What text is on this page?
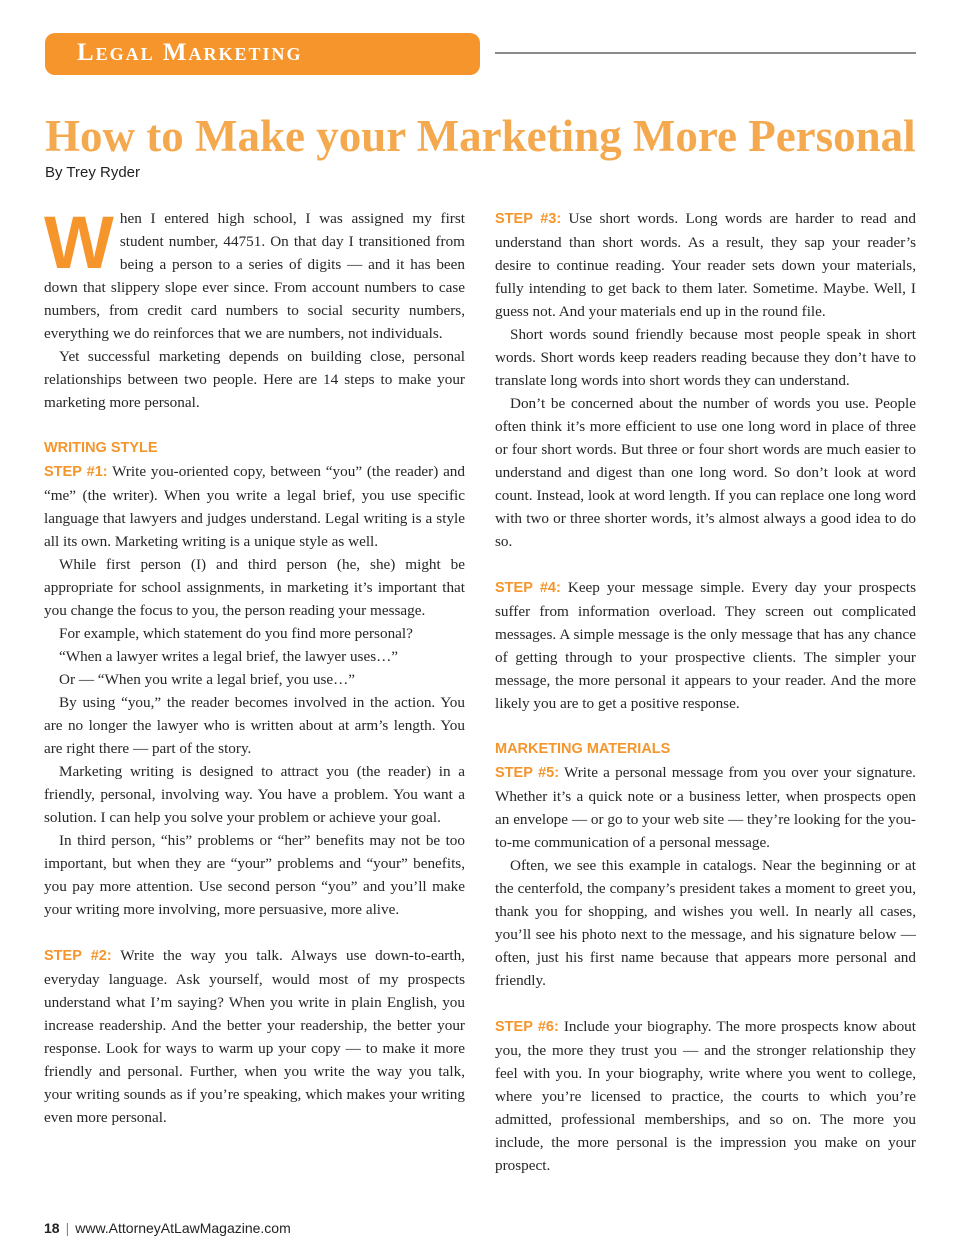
Legal Marketing
How to Make your Marketing More Personal
By Trey Ryder

When I entered high school, I was assigned my first student number, 44751. On that day I transitioned from being a person to a series of digits — and it has been down that slippery slope ever since. From account numbers to case numbers, from credit card numbers to social security numbers, everything we do reinforces that we are numbers, not individuals.

Yet successful marketing depends on building close, personal relationships between two people. Here are 14 steps to make your marketing more personal.

WRITING STYLE

STEP #1: Write you-oriented copy, between “you” (the reader) and “me” (the writer). When you write a legal brief, you use specific language that lawyers and judges understand. Legal writing is a style all its own. Marketing writing is a unique style as well.

While first person (I) and third person (he, she) might be appropriate for school assignments, in marketing it’s important that you change the focus to you, the person reading your message.

For example, which statement do you find more personal?

“When a lawyer writes a legal brief, the lawyer uses…”

Or — “When you write a legal brief, you use…”

By using “you,” the reader becomes involved in the action. You are no longer the lawyer who is written about at arm’s length. You are right there — part of the story.

Marketing writing is designed to attract you (the reader) in a friendly, personal, involving way. You have a problem. You want a solution. I can help you solve your problem or achieve your goal.

In third person, “his” problems or “her” benefits may not be too important, but when they are “your” problems and “your” benefits, you pay more attention. Use second person “you” and you’ll make your writing more involving, more persuasive, more alive.

STEP #2: Write the way you talk. Always use down-to-earth, everyday language. Ask yourself, would most of my prospects understand what I’m saying? When you write in plain English, you increase readership. And the better your readership, the better your response. Look for ways to warm up your copy — to make it more friendly and personal. Further, when you write the way you talk, your writing sounds as if you’re speaking, which makes your writing even more personal.

STEP #3: Use short words. Long words are harder to read and understand than short words. As a result, they sap your reader’s desire to continue reading. Your reader sets down your materials, fully intending to get back to them later. Sometime. Maybe. Well, I guess not. And your materials end up in the round file.

Short words sound friendly because most people speak in short words. Short words keep readers reading because they don’t have to translate long words into short words they can understand.

Don’t be concerned about the number of words you use. People often think it’s more efficient to use one long word in place of three or four short words. But three or four short words are much easier to understand and digest than one long word. So don’t look at word count. Instead, look at word length. If you can replace one long word with two or three shorter words, it’s almost always a good idea to do so.

STEP #4: Keep your message simple. Every day your prospects suffer from information overload. They screen out complicated messages. A simple message is the only message that has any chance of getting through to your prospective clients. The simpler your message, the more personal it appears to your reader. And the more likely you are to get a positive response.

MARKETING MATERIALS

STEP #5: Write a personal message from you over your signature. Whether it’s a quick note or a business letter, when prospects open an envelope — or go to your web site — they’re looking for the you-to-me communication of a personal message.

Often, we see this example in catalogs. Near the beginning or at the centerfold, the company’s president takes a moment to greet you, thank you for shopping, and wishes you well. In nearly all cases, you’ll see his photo next to the message, and his signature below — often, just his first name because that appears more personal and friendly.

STEP #6: Include your biography. The more prospects know about you, the more they trust you — and the stronger relationship they feel with you. In your biography, write where you went to college, where you’re licensed to practice, the courts to which you’re admitted, professional memberships, and so on. The more you include, the more personal is the impression you make on your prospect.

18 | www.AttorneyAtLawMagazine.com
